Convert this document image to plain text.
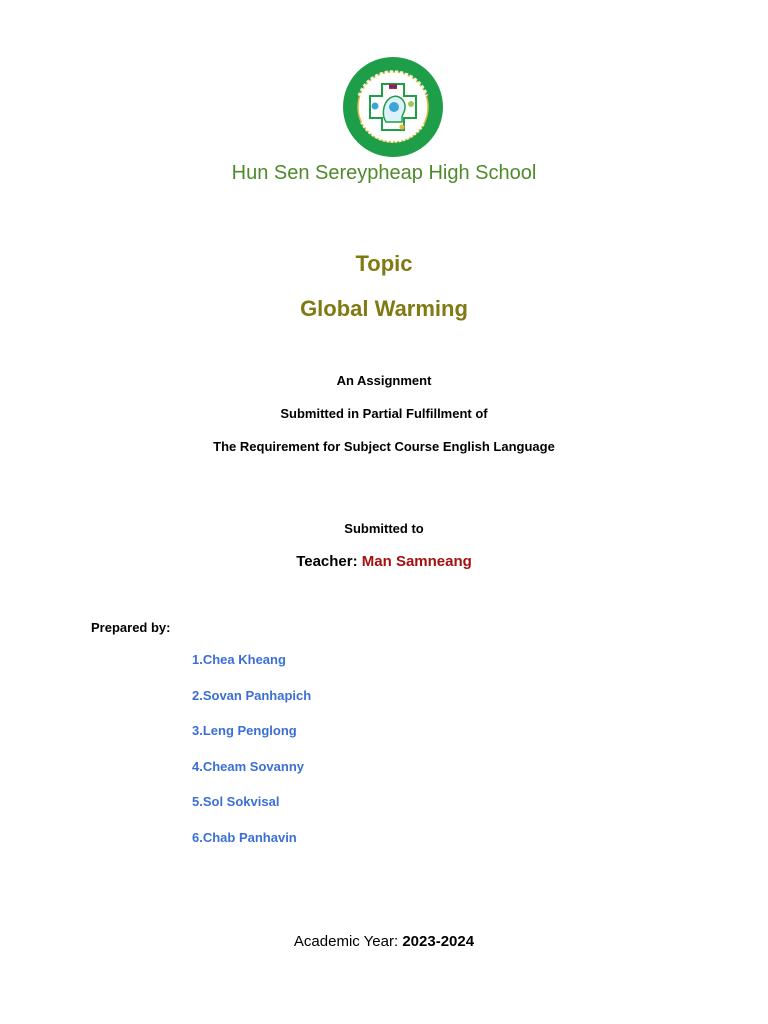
Hun Sen Sereypheap High School
Topic
Global Warming
An Assignment
Submitted in Partial Fulfillment of
The Requirement for Subject Course English Language
Submitted to
Teacher: Man Samneang
Prepared by:
1.Chea Kheang
2.Sovan Panhapich
3.Leng Penglong
4.Cheam Sovanny
5.Sol Sokvisal
6.Chab Panhavin
Academic Year: 2023-2024
